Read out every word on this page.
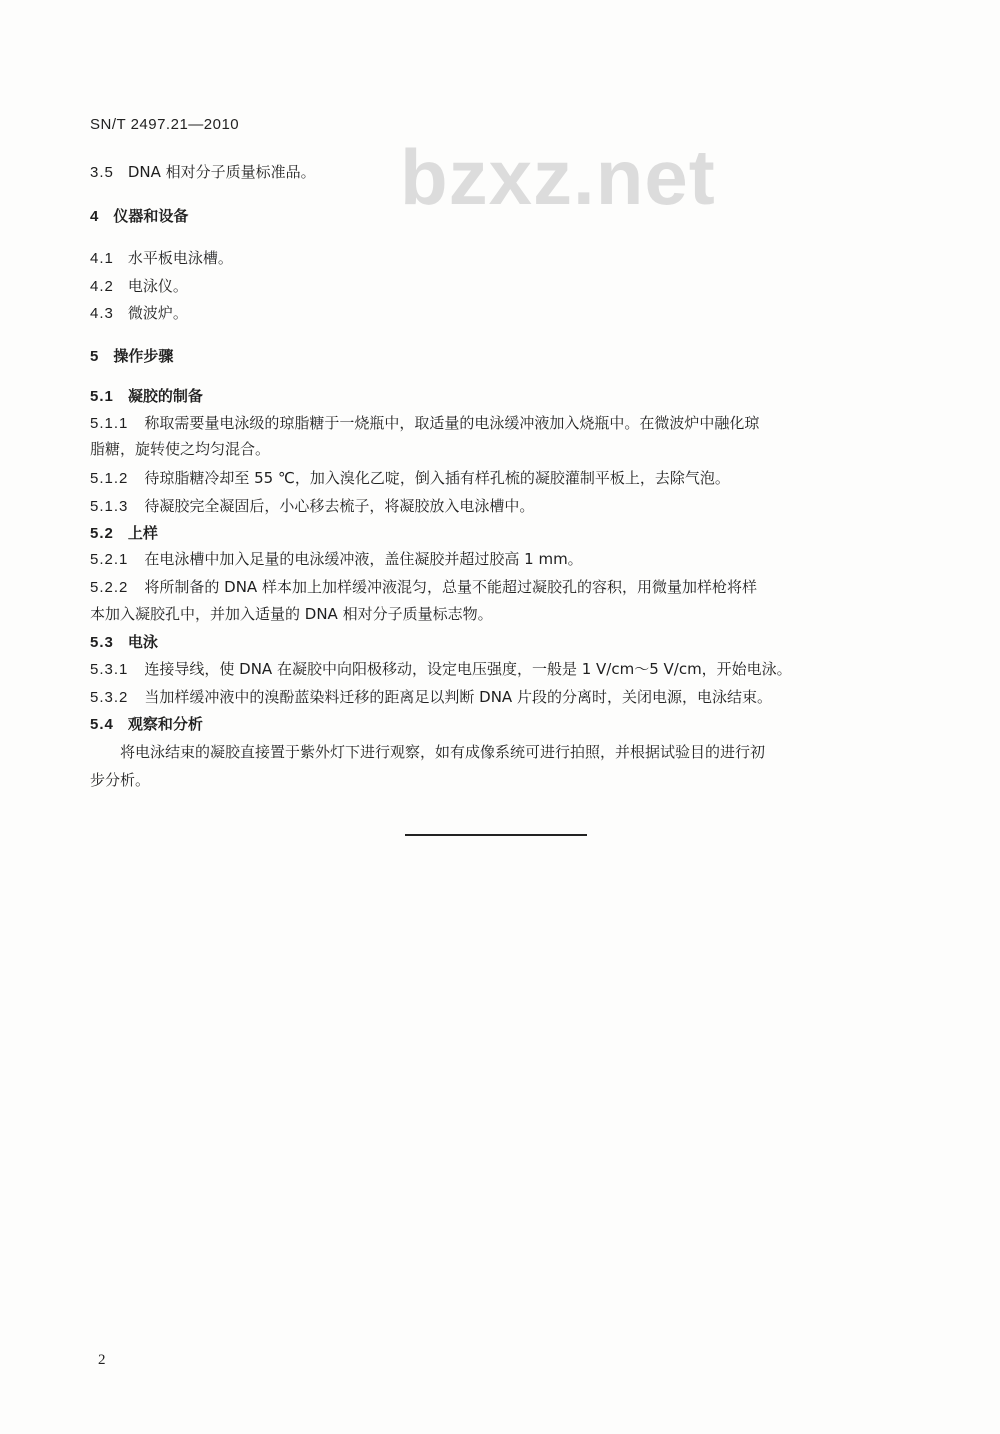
SN/T 2497.21—2010
bzxz.net
3.5 DNA 相对分子质量标准品。
4 仪器和设备
4.1 水平板电泳槽。
4.2 电泳仪。
4.3 微波炉。
5 操作步骤
5.1 凝胶的制备
5.1.1 称取需要量电泳级的琼脂糖于一烧瓶中，取适量的电泳缓冲液加入烧瓶中。在微波炉中融化琼
脂糖，旋转使之均匀混合。
5.1.2 待琼脂糖冷却至 55 ℃，加入溴化乙啶，倒入插有样孔梳的凝胶灌制平板上，去除气泡。
5.1.3 待凝胶完全凝固后，小心移去梳子，将凝胶放入电泳槽中。
5.2 上样
5.2.1 在电泳槽中加入足量的电泳缓冲液，盖住凝胶并超过胶高 1 mm。
5.2.2 将所制备的 DNA 样本加上加样缓冲液混匀，总量不能超过凝胶孔的容积，用微量加样枪将样
本加入凝胶孔中，并加入适量的 DNA 相对分子质量标志物。
5.3 电泳
5.3.1 连接导线，使 DNA 在凝胶中向阳极移动，设定电压强度，一般是 1 V/cm～5 V/cm，开始电泳。
5.3.2 当加样缓冲液中的溴酚蓝染料迁移的距离足以判断 DNA 片段的分离时，关闭电源，电泳结束。
5.4 观察和分析
将电泳结束的凝胶直接置于紫外灯下进行观察，如有成像系统可进行拍照，并根据试验目的进行初
步分析。
2
